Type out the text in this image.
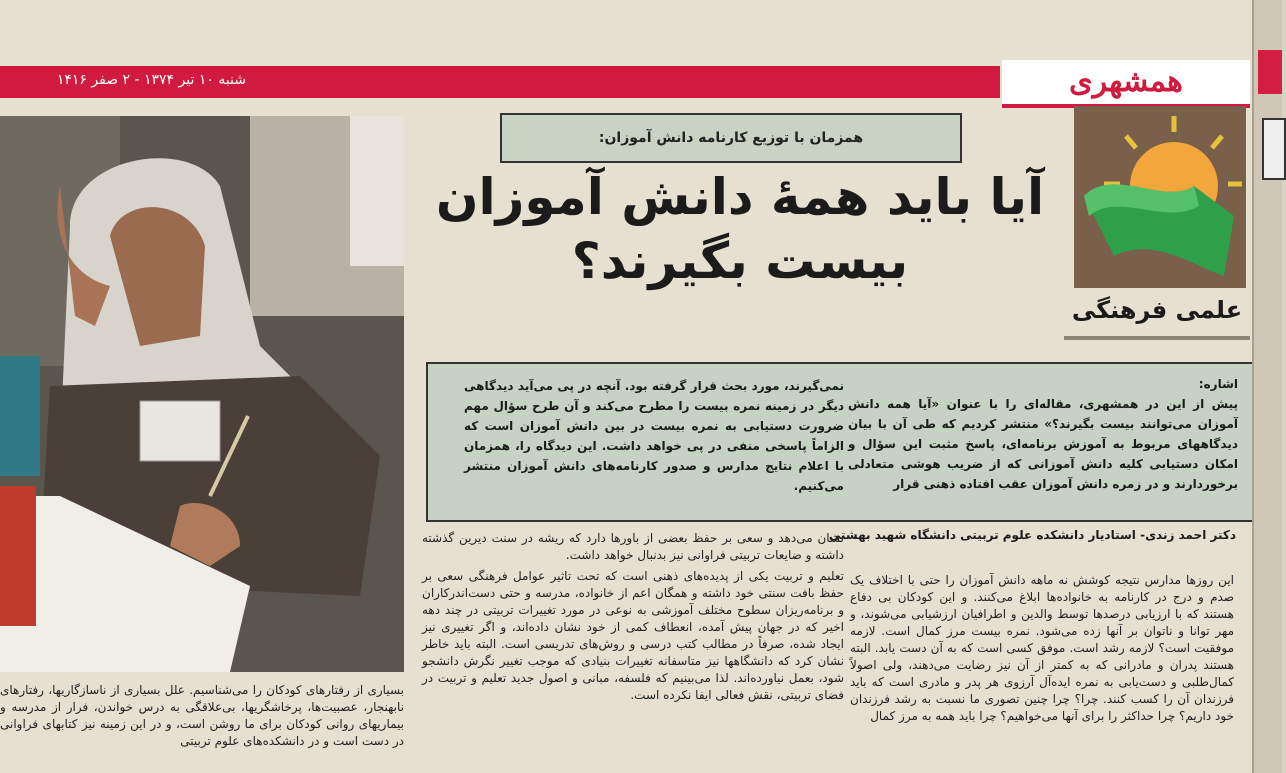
شنبه ۱۰ تیر ۱۳۷۴ - ۲ صفر ۱۴۱۶	همشهری
همزمان با توزیع کارنامه دانش آموزان:
آیا باید همهٔ دانش آموزان بیست بگیرند؟
علمی فرهنگی
اشاره:
پیش از این در همشهری، مقاله‌ای را با عنوان «آیا همه دانش آموزان می‌توانند بیست بگیرند؟» منتشر کردیم که طی آن با بیان دیدگاههای مربوط به آموزش برنامه‌ای، پاسخ مثبت این سؤال و امکان دستیابی کلیه دانش آموزانی که از ضریب هوشی متعادلی برخوردارند و در زمره دانش آموزان عقب افتاده ذهنی قرار
نمی‌گیرند، مورد بحث قرار گرفته بود. آنچه در پی می‌آید دیدگاهی دیگر در زمینه نمره بیست را مطرح می‌کند و آن طرح سؤال مهم ضرورت دستیابی به نمره بیست در بین دانش آموزان است که الزاماً پاسخی منفی در پی خواهد داشت. این دیدگاه را، همزمان با اعلام نتایج مدارس و صدور کارنامه‌های دانش آموزان منتشر می‌کنیم.
دکتر احمد زندی- استادیار دانشکده علوم تربیتی دانشگاه شهید بهشتی

این روزها مدارس نتیجه کوشش نه ماهه دانش آموزان را حتی با اختلاف یک صدم و درج در کارنامه به خانواده‌ها ابلاغ می‌کنند. و این کودکان بی دفاع هستند که با ارزیابی درصدها توسط والدین و اطرافیان ارزشیابی می‌شوند، و مهر توانا و ناتوان بر آنها زده می‌شود. نمره بیست مرز کمال است. لازمه موفقیت است؟ لازمه رشد است. موفق کسی است که به آن دست یابد. البته هستند پدران و مادرانی که به کمتر از آن نیز رضایت می‌دهند، ولی اصولاً کمال‌طلبی و دست‌یابی به نمره ایده‌آل آرزوی هر پدر و مادری است که باید فرزندان آن را کسب کنند. چرا؟ چرا چنین تصوری ما نسبت به رشد فرزندان خود داریم؟ چرا حداکثر را برای آنها می‌خواهیم؟ چرا باید همه به مرز کمال

نشان می‌دهد و سعی بر حفظ بعضی از باورها دارد که ریشه در سنت دیرین گذشته داشته و ضایعات تربیتی فراوانی نیز بدنبال خواهد داشت.

تعلیم و تربیت یکی از پدیده‌های ذهنی است که تحت تاثیر عوامل فرهنگی سعی بر حفظ بافت سنتی خود داشته و همگان اعم از خانواده، مدرسه و حتی دست‌اندرکاران و برنامه‌ریزان سطوح مختلف آموزشی به نوعی در مورد تغییرات تربیتی در چند دهه اخیر که در جهان پیش آمده، انعطاف کمی از خود نشان داده‌اند، و اگر تغییری نیز ایجاد شده، صرفاً در مطالب کتب درسی و روش‌های تدریسی است. البته باید خاطر نشان کرد که دانشگاهها نیز متاسفانه تغییرات بنیادی که موجب تغییر نگرش دانشجو شود، بعمل نیاورده‌اند. لذا می‌بینیم که فلسفه، مبانی و اصول جدید تعلیم و تربیت در فضای تربیتی، نقش فعالی ایفا نکرده است.

بسیاری از رفتارهای کودکان را می‌شناسیم. علل بسیاری از ناسازگاریها، رفتارهای نابهنجار، عصبیت‌ها، پرخاشگریها، بی‌علاقگی به درس خواندن، فرار از مدرسه و بیماریهای روانی کودکان برای ما روشن است، و در این زمینه نیز کتابهای فراوانی در دست است و در دانشکده‌های علوم تربیتی
